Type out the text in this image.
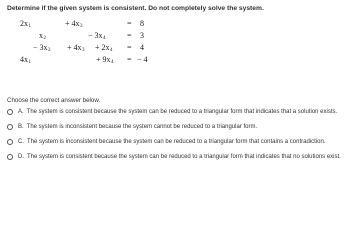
Determine if the given system is consistent. Do not completely solve the system.
$2x_1$	+ $4x_3$	= 8
$x_2$	− $3x_4$	= 3
− $3x_2 + 4x_3 + 2x_4 = 4$
$4x_1$	+ $9x_4$ = − 4
Choose the correct answer below.
A. The system is consistent because the system can be reduced to a triangular form that indicates that a solution exists.
B. The system is inconsistent because the system cannot be reduced to a triangular form.
C. The system is inconsistent because the system can be reduced to a triangular form that contains a contradiction.
D. The system is consistent because the system can be reduced to a triangular form that indicates that no solutions exist.
